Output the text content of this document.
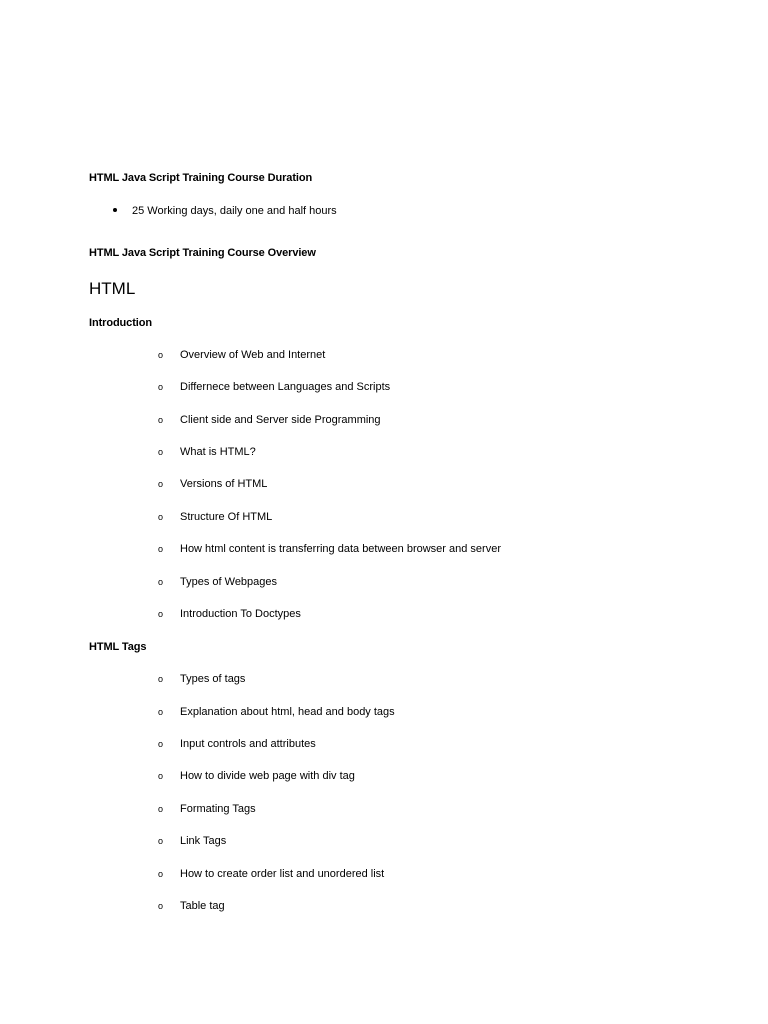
HTML Java Script Training Course Duration
25 Working days, daily one and half hours
HTML Java Script Training Course Overview
HTML
Introduction
o Overview of Web and Internet
o Differnece between Languages and Scripts
o Client side and Server side Programming
o What is HTML?
o Versions of HTML
o Structure Of HTML
o How html content is transferring data between browser and server
o Types of Webpages
o Introduction To Doctypes
HTML Tags
o Types of tags
o Explanation about html, head and body tags
o Input controls and attributes
o How to divide web page with div tag
o Formating Tags
o Link Tags
o How to create order list and unordered list
o Table tag
